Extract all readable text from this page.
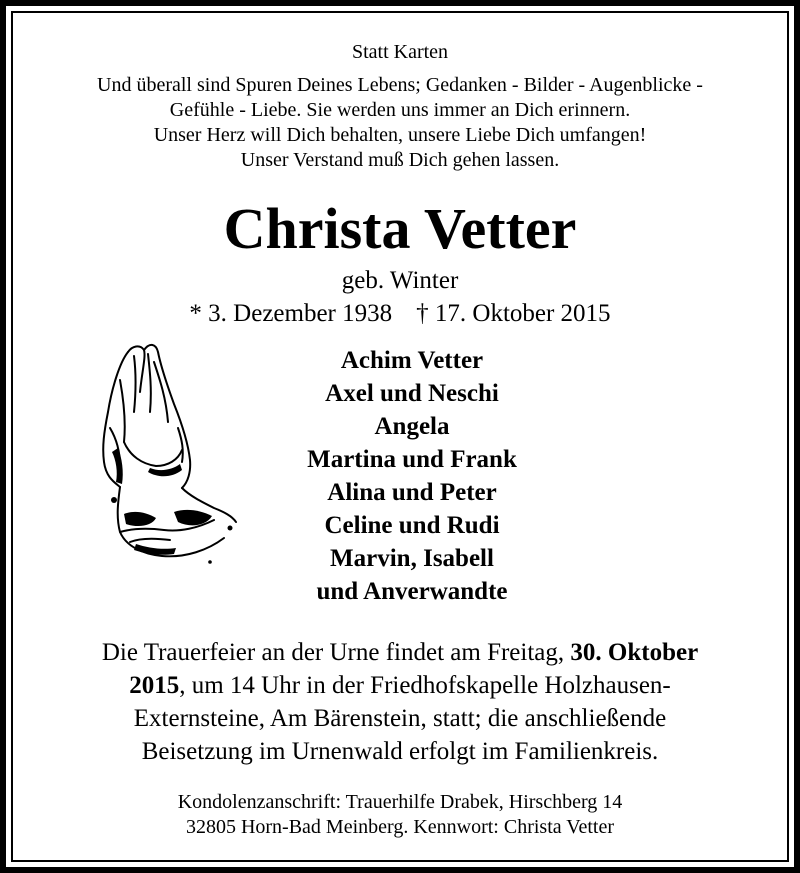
Statt Karten
Und überall sind Spuren Deines Lebens; Gedanken - Bilder - Augenblicke -
Gefühle - Liebe. Sie werden uns immer an Dich erinnern.
Unser Herz will Dich behalten, unsere Liebe Dich umfangen!
Unser Verstand muß Dich gehen lassen.
Christa Vetter
geb. Winter
* 3. Dezember 1938 † 17. Oktober 2015
Achim Vetter
Axel und Neschi
Angela
Martina und Frank
Alina und Peter
Celine und Rudi
Marvin, Isabell
und Anverwandte
Die Trauerfeier an der Urne findet am Freitag, 30. Oktober
2015, um 14 Uhr in der Friedhofskapelle Holzhausen-
Externsteine, Am Bärenstein, statt; die anschließende
Beisetzung im Urnenwald erfolgt im Familienkreis.
Kondolenzanschrift: Trauerhilfe Drabek, Hirschberg 14
32805 Horn-Bad Meinberg. Kennwort: Christa Vetter
